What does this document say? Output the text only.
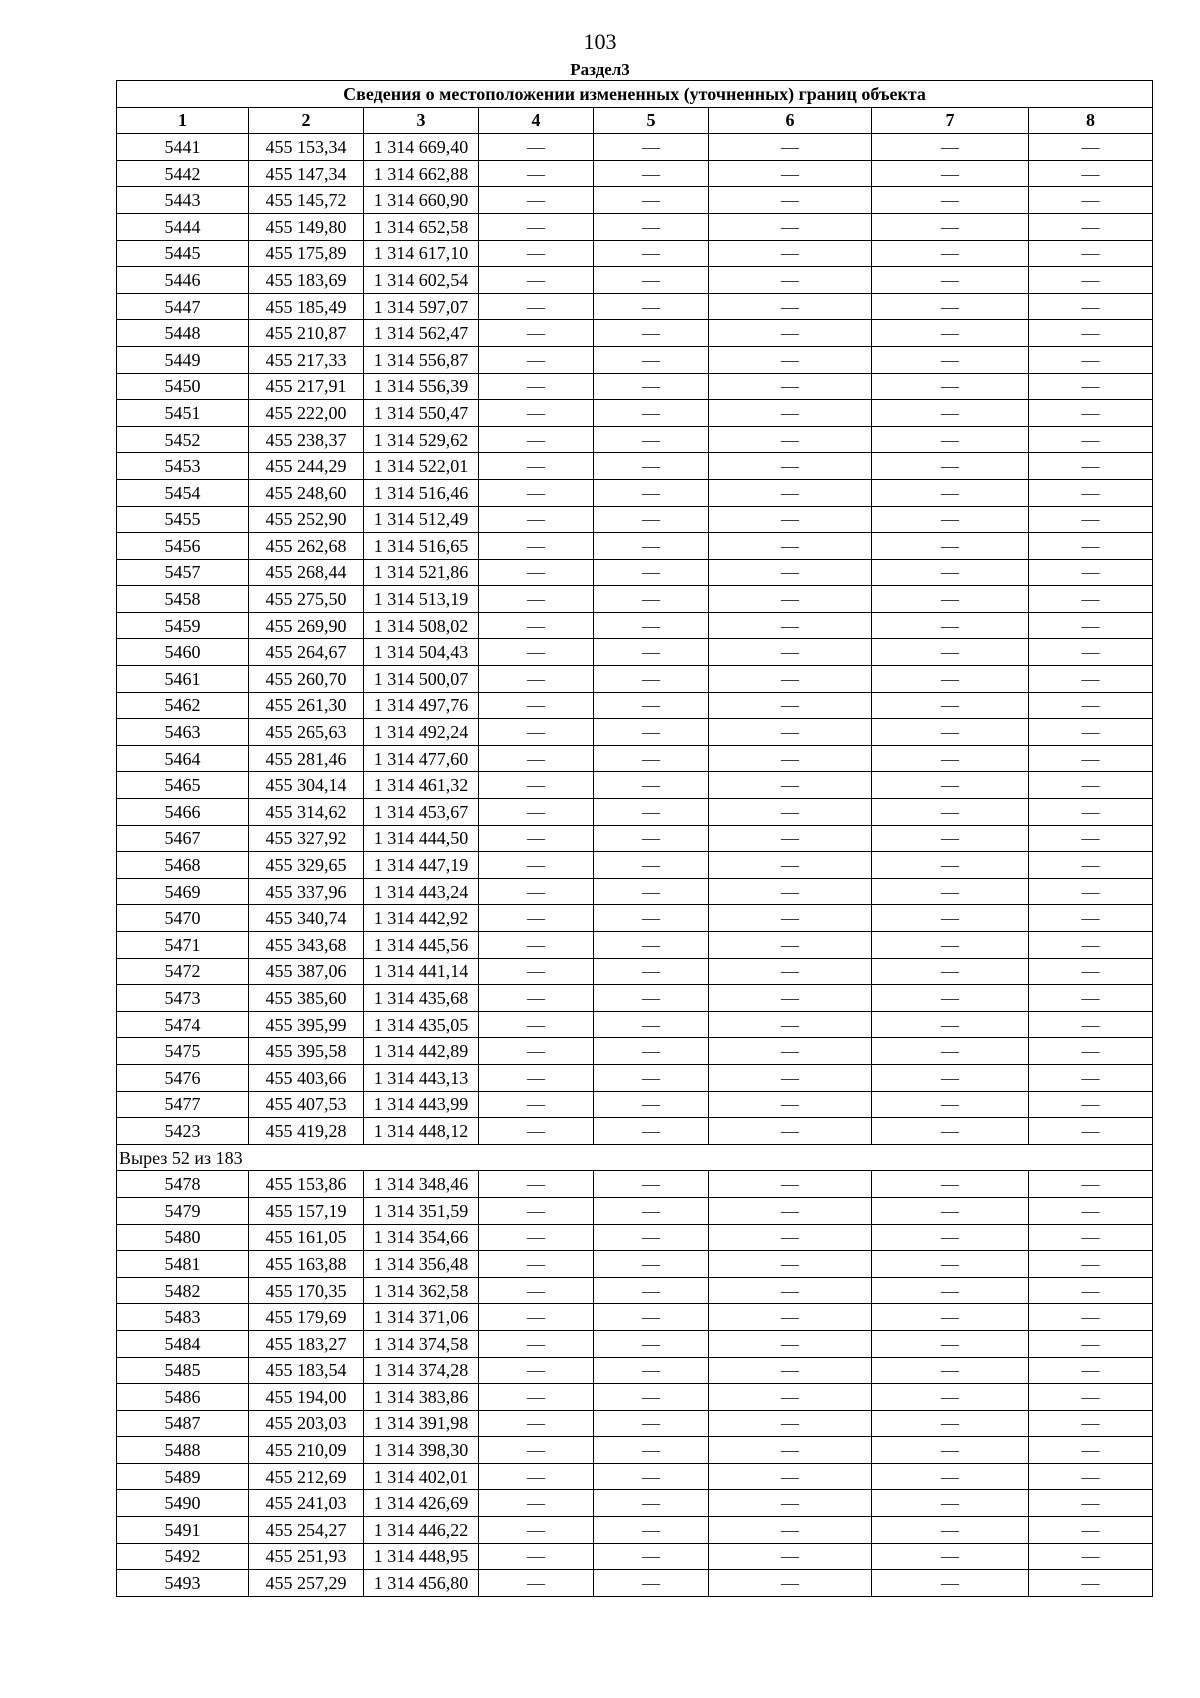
103
Раздел3
Сведения о местоположении измененных (уточненных) границ объекта							
1	2	3	4	5	6	7	8
5441	455 153,34	1 314 669,40	—	—	—	—	—
5442	455 147,34	1 314 662,88	—	—	—	—	—
5443	455 145,72	1 314 660,90	—	—	—	—	—
5444	455 149,80	1 314 652,58	—	—	—	—	—
5445	455 175,89	1 314 617,10	—	—	—	—	—
5446	455 183,69	1 314 602,54	—	—	—	—	—
5447	455 185,49	1 314 597,07	—	—	—	—	—
5448	455 210,87	1 314 562,47	—	—	—	—	—
5449	455 217,33	1 314 556,87	—	—	—	—	—
5450	455 217,91	1 314 556,39	—	—	—	—	—
5451	455 222,00	1 314 550,47	—	—	—	—	—
5452	455 238,37	1 314 529,62	—	—	—	—	—
5453	455 244,29	1 314 522,01	—	—	—	—	—
5454	455 248,60	1 314 516,46	—	—	—	—	—
5455	455 252,90	1 314 512,49	—	—	—	—	—
5456	455 262,68	1 314 516,65	—	—	—	—	—
5457	455 268,44	1 314 521,86	—	—	—	—	—
5458	455 275,50	1 314 513,19	—	—	—	—	—
5459	455 269,90	1 314 508,02	—	—	—	—	—
5460	455 264,67	1 314 504,43	—	—	—	—	—
5461	455 260,70	1 314 500,07	—	—	—	—	—
5462	455 261,30	1 314 497,76	—	—	—	—	—
5463	455 265,63	1 314 492,24	—	—	—	—	—
5464	455 281,46	1 314 477,60	—	—	—	—	—
5465	455 304,14	1 314 461,32	—	—	—	—	—
5466	455 314,62	1 314 453,67	—	—	—	—	—
5467	455 327,92	1 314 444,50	—	—	—	—	—
5468	455 329,65	1 314 447,19	—	—	—	—	—
5469	455 337,96	1 314 443,24	—	—	—	—	—
5470	455 340,74	1 314 442,92	—	—	—	—	—
5471	455 343,68	1 314 445,56	—	—	—	—	—
5472	455 387,06	1 314 441,14	—	—	—	—	—
5473	455 385,60	1 314 435,68	—	—	—	—	—
5474	455 395,99	1 314 435,05	—	—	—	—	—
5475	455 395,58	1 314 442,89	—	—	—	—	—
5476	455 403,66	1 314 443,13	—	—	—	—	—
5477	455 407,53	1 314 443,99	—	—	—	—	—
5423	455 419,28	1 314 448,12	—	—	—	—	—
Вырез 52 из 183							
5478	455 153,86	1 314 348,46	—	—	—	—	—
5479	455 157,19	1 314 351,59	—	—	—	—	—
5480	455 161,05	1 314 354,66	—	—	—	—	—
5481	455 163,88	1 314 356,48	—	—	—	—	—
5482	455 170,35	1 314 362,58	—	—	—	—	—
5483	455 179,69	1 314 371,06	—	—	—	—	—
5484	455 183,27	1 314 374,58	—	—	—	—	—
5485	455 183,54	1 314 374,28	—	—	—	—	—
5486	455 194,00	1 314 383,86	—	—	—	—	—
5487	455 203,03	1 314 391,98	—	—	—	—	—
5488	455 210,09	1 314 398,30	—	—	—	—	—
5489	455 212,69	1 314 402,01	—	—	—	—	—
5490	455 241,03	1 314 426,69	—	—	—	—	—
5491	455 254,27	1 314 446,22	—	—	—	—	—
5492	455 251,93	1 314 448,95	—	—	—	—	—
5493	455 257,29	1 314 456,80	—	—	—	—	—
